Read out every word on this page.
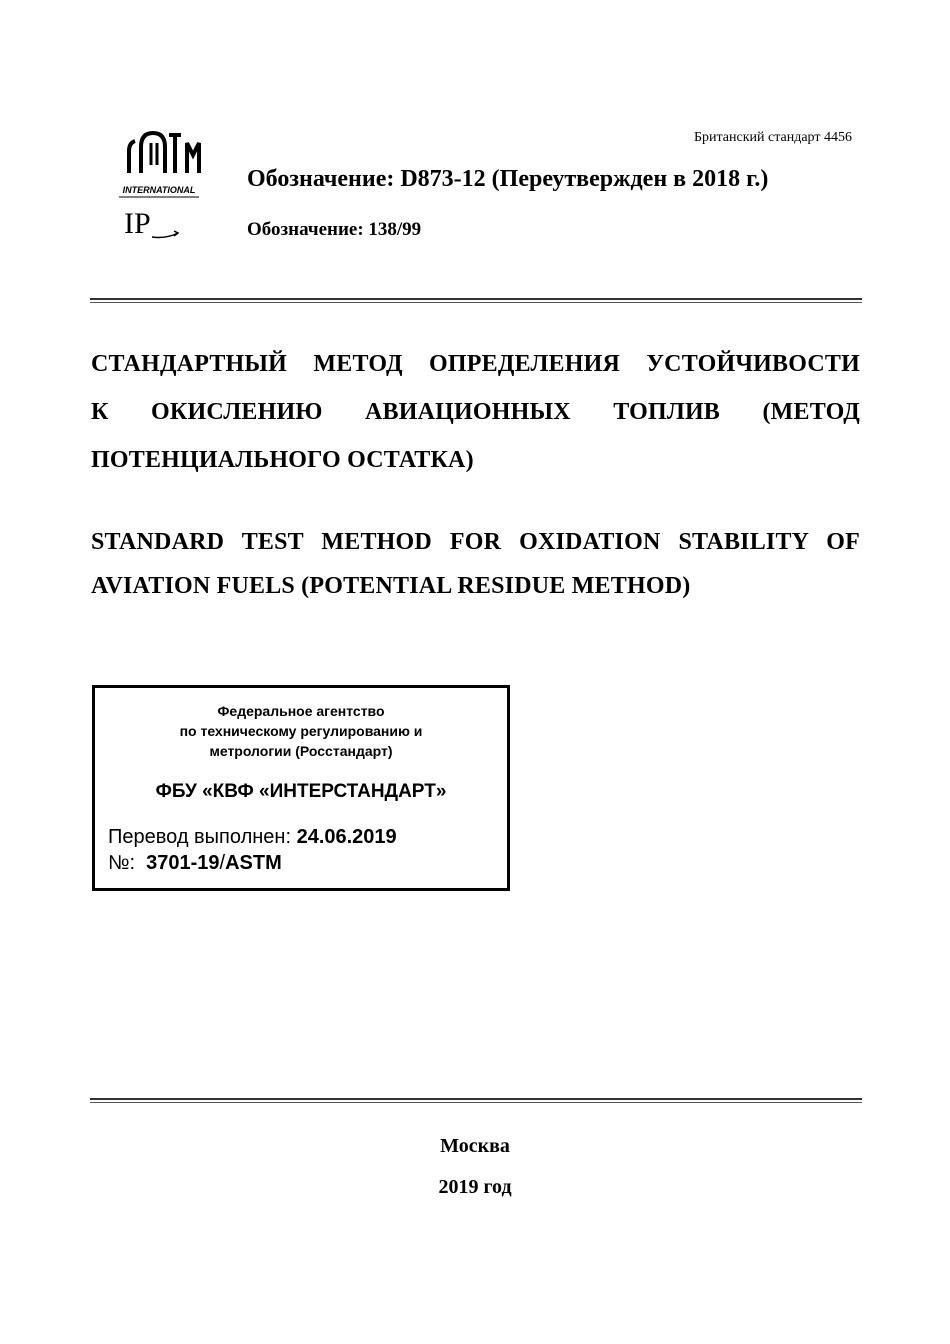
INTERNATIONAL
IP
Британский стандарт 4456
Обозначение: D873-12 (Переутвержден в 2018 г.)
Обозначение: 138/99
СТАНДАРТНЫЙ МЕТОД ОПРЕДЕЛЕНИЯ УСТОЙЧИВОСТИ
К ОКИСЛЕНИЮ АВИАЦИОННЫХ ТОПЛИВ (МЕТОД
ПОТЕНЦИАЛЬНОГО ОСТАТКА)
STANDARD TEST METHOD FOR OXIDATION STABILITY OF
AVIATION FUELS (POTENTIAL RESIDUE METHOD)
Федеральное агентство
по техническому регулированию и
метрологии (Росстандарт)
ФБУ «КВФ «ИНТЕРСТАНДАРТ»
Перевод выполнен: 24.06.2019
№: 3701-19/ASTM
Москва
2019 год
